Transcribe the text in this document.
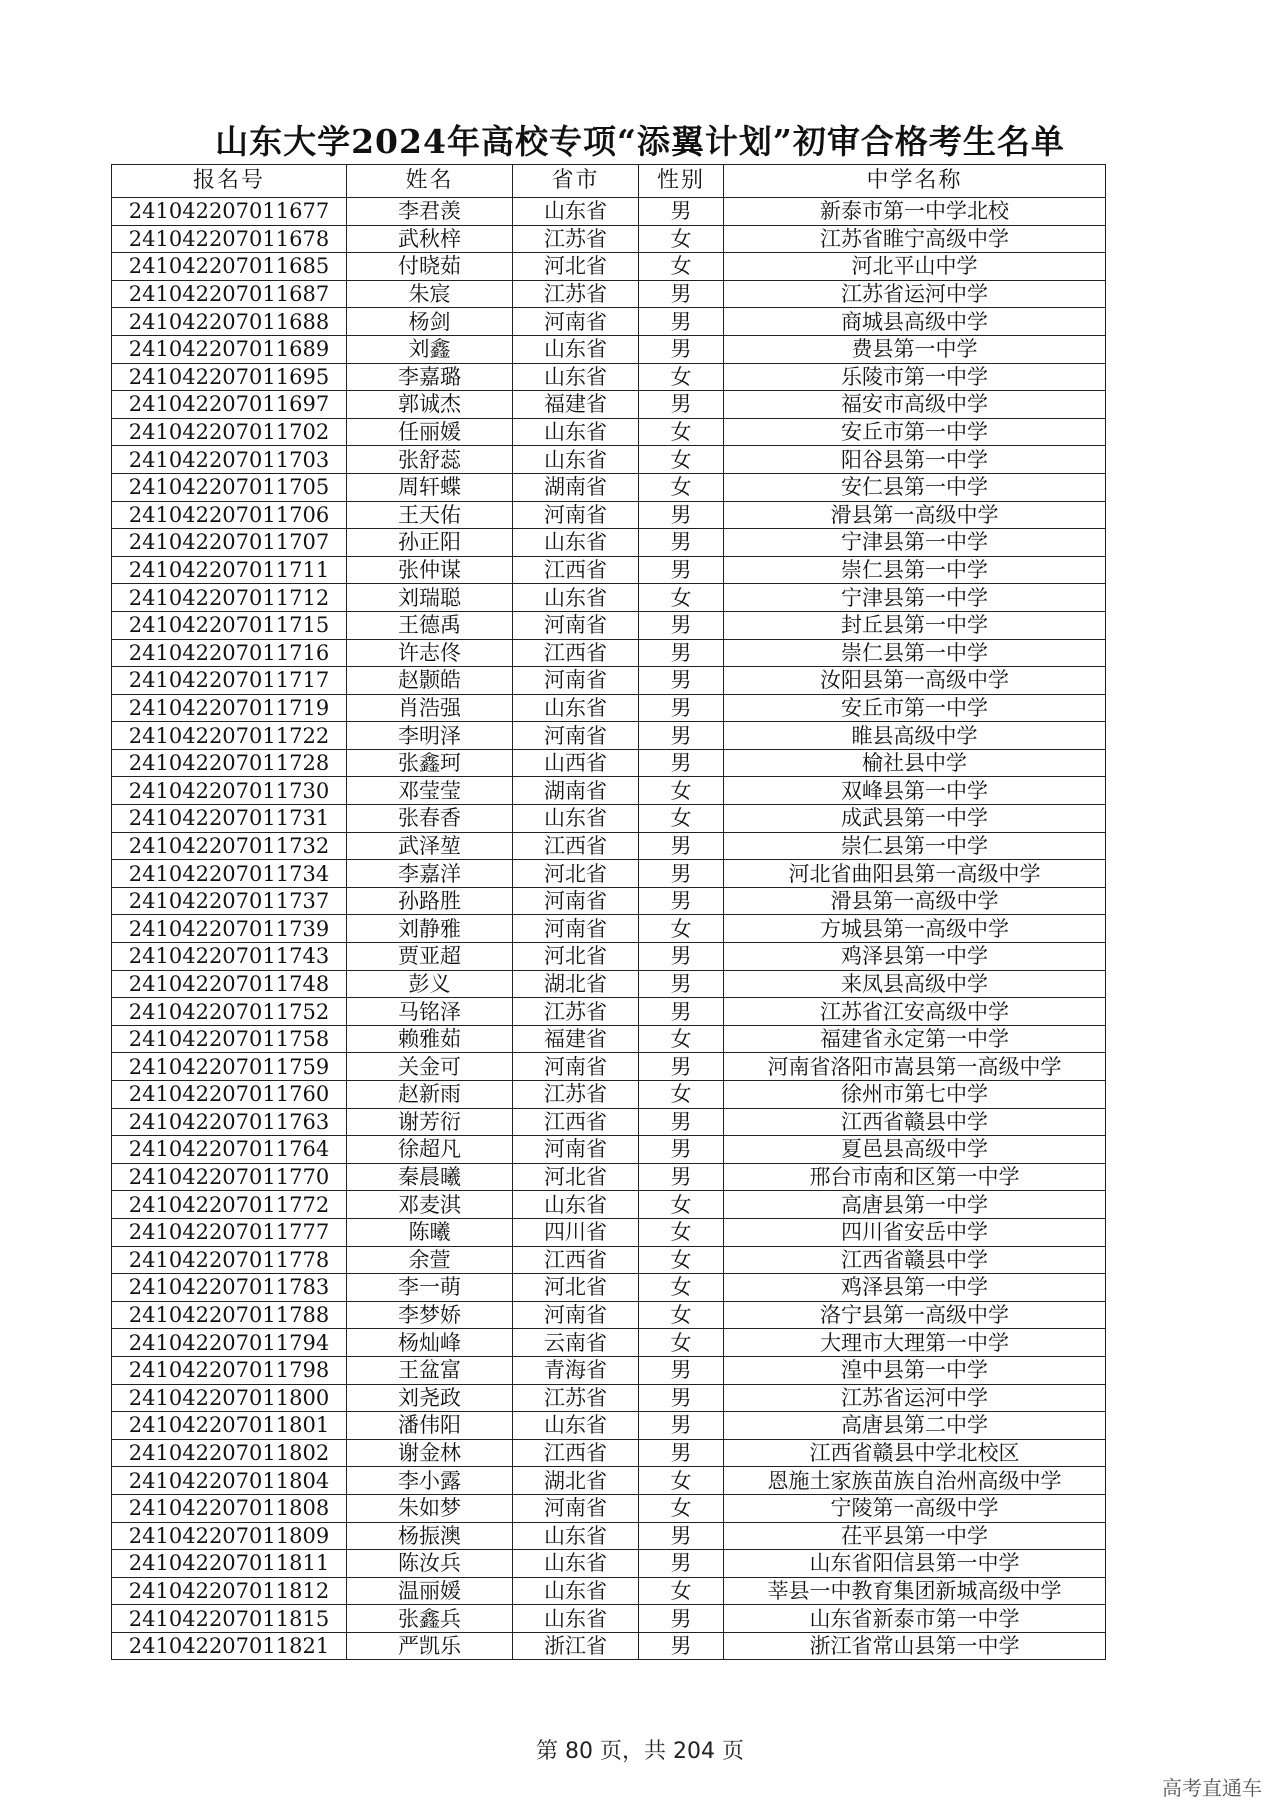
山东大学2024年高校专项“添翼计划”初审合格考生名单
报名号	姓名	省市	性别	中学名称
241042207011677	李君羡	山东省	男	新泰市第一中学北校
241042207011678	武秋梓	江苏省	女	江苏省睢宁高级中学
241042207011685	付晓茹	河北省	女	河北平山中学
241042207011687	朱宸	江苏省	男	江苏省运河中学
241042207011688	杨剑	河南省	男	商城县高级中学
241042207011689	刘鑫	山东省	男	费县第一中学
241042207011695	李嘉璐	山东省	女	乐陵市第一中学
241042207011697	郭诚杰	福建省	男	福安市高级中学
241042207011702	任丽媛	山东省	女	安丘市第一中学
241042207011703	张舒蕊	山东省	女	阳谷县第一中学
241042207011705	周轩蝶	湖南省	女	安仁县第一中学
241042207011706	王天佑	河南省	男	滑县第一高级中学
241042207011707	孙正阳	山东省	男	宁津县第一中学
241042207011711	张仲谋	江西省	男	崇仁县第一中学
241042207011712	刘瑞聪	山东省	女	宁津县第一中学
241042207011715	王德禹	河南省	男	封丘县第一中学
241042207011716	许志佟	江西省	男	崇仁县第一中学
241042207011717	赵颢皓	河南省	男	汝阳县第一高级中学
241042207011719	肖浩强	山东省	男	安丘市第一中学
241042207011722	李明泽	河南省	男	睢县高级中学
241042207011728	张鑫珂	山西省	男	榆社县中学
241042207011730	邓莹莹	湖南省	女	双峰县第一中学
241042207011731	张春香	山东省	女	成武县第一中学
241042207011732	武泽堃	江西省	男	崇仁县第一中学
241042207011734	李嘉洋	河北省	男	河北省曲阳县第一高级中学
241042207011737	孙路胜	河南省	男	滑县第一高级中学
241042207011739	刘静雅	河南省	女	方城县第一高级中学
241042207011743	贾亚超	河北省	男	鸡泽县第一中学
241042207011748	彭义	湖北省	男	来凤县高级中学
241042207011752	马铭泽	江苏省	男	江苏省江安高级中学
241042207011758	赖雅茹	福建省	女	福建省永定第一中学
241042207011759	关金可	河南省	男	河南省洛阳市嵩县第一高级中学
241042207011760	赵新雨	江苏省	女	徐州市第七中学
241042207011763	谢芳衍	江西省	男	江西省赣县中学
241042207011764	徐超凡	河南省	男	夏邑县高级中学
241042207011770	秦晨曦	河北省	男	邢台市南和区第一中学
241042207011772	邓麦淇	山东省	女	高唐县第一中学
241042207011777	陈曦	四川省	女	四川省安岳中学
241042207011778	余萱	江西省	女	江西省赣县中学
241042207011783	李一萌	河北省	女	鸡泽县第一中学
241042207011788	李梦娇	河南省	女	洛宁县第一高级中学
241042207011794	杨灿峰	云南省	女	大理市大理第一中学
241042207011798	王盆富	青海省	男	湟中县第一中学
241042207011800	刘尧政	江苏省	男	江苏省运河中学
241042207011801	潘伟阳	山东省	男	高唐县第二中学
241042207011802	谢金林	江西省	男	江西省赣县中学北校区
241042207011804	李小露	湖北省	女	恩施土家族苗族自治州高级中学
241042207011808	朱如梦	河南省	女	宁陵第一高级中学
241042207011809	杨振澳	山东省	男	茌平县第一中学
241042207011811	陈汝兵	山东省	男	山东省阳信县第一中学
241042207011812	温丽媛	山东省	女	莘县一中教育集团新城高级中学
241042207011815	张鑫兵	山东省	男	山东省新泰市第一中学
241042207011821	严凯乐	浙江省	男	浙江省常山县第一中学
第 80 页，共 204 页
高考直通车
